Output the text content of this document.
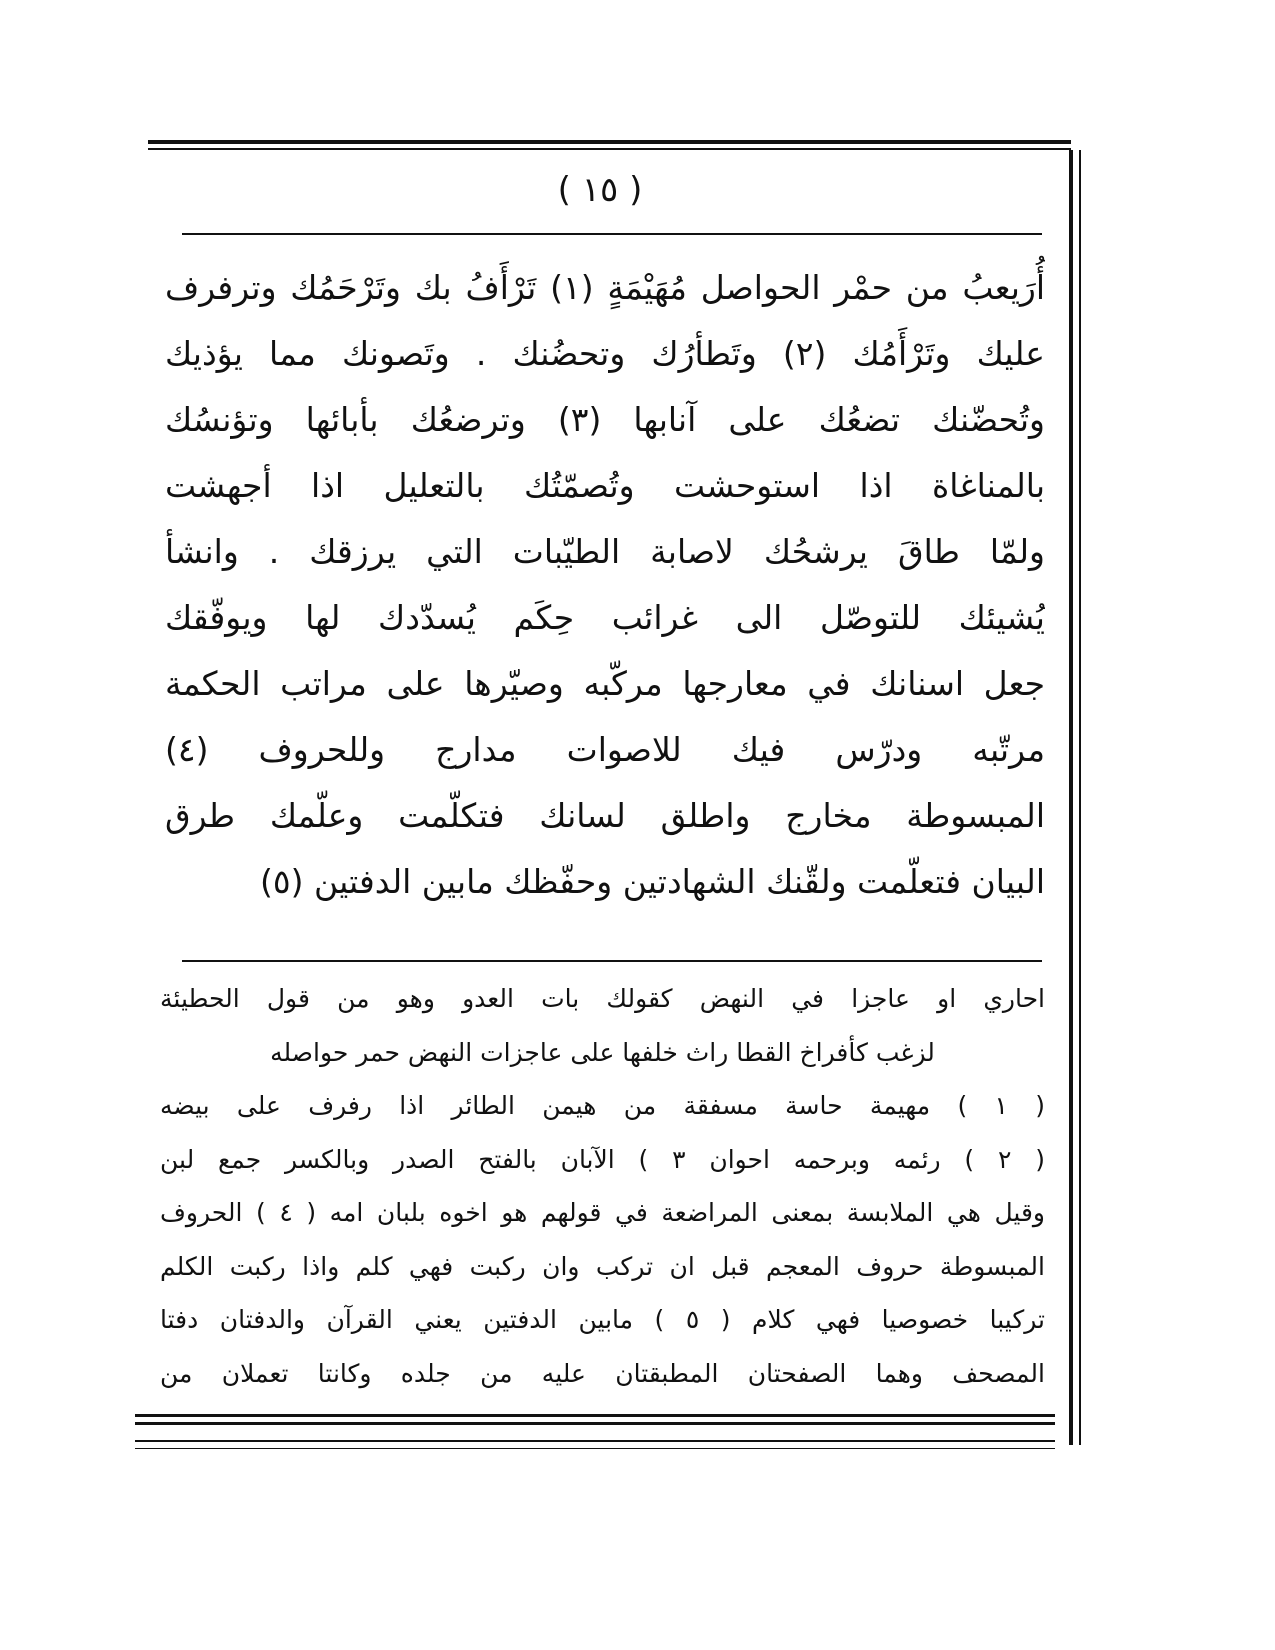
( ١٥ )
أُرَيعبُ من حمْر الحواصل مُهَيْمَةٍ (١) تَرْأَفُ بك وتَرْحَمُك وترفرف
عليك وتَرْأَمُك (٢) وتَطأرُك وتحضُنك . وتَصونك مما يؤذيك
وتُحضّنك تضعُك على آنابها (٣) وترضعُك بأبائها وتؤنسُك
بالمناغاة اذا استوحشت وتُصمّتُك بالتعليل اذا أجهشت
ولمّا طاقَ يرشحُك لاصابة الطيّبات التي يرزقك . وانشأ
يُشيئك للتوصّل الى غرائب حِكَم يُسدّدك لها ويوفّقك
جعل اسنانك في معارجها مركّبه وصيّرها على مراتب الحكمة
مرتّبه ودرّس فيك للاصوات مدارج وللحروف (٤)
المبسوطة مخارج واطلق لسانك فتكلّمت وعلّمك طرق
البيان فتعلّمت ولقّنك الشهادتين وحفّظك مابين الدفتين (٥)
احاري او عاجزا في النهض كقولك بات العدو وهو من قول الحطيئة
لزغب كأفراخ القطا راث خلفها على عاجزات النهض حمر حواصله
( ١ ) مهيمة حاسة مسفقة من هيمن الطائر اذا رفرف على بيضه
( ٢ ) رئمه وبرحمه احوان ٣ ) الآبان بالفتح الصدر وبالكسر جمع لبن
وقيل هي الملابسة بمعنى المراضعة في قولهم هو اخوه بلبان امه ( ٤ ) الحروف
المبسوطة حروف المعجم قبل ان تركب وان ركبت فهي كلم واذا ركبت الكلم
تركيبا خصوصيا فهي كلام ( ٥ ) مابين الدفتين يعني القرآن والدفتان دفتا
المصحف وهما الصفحتان المطبقتان عليه من جلده وكانتا تعملان من
